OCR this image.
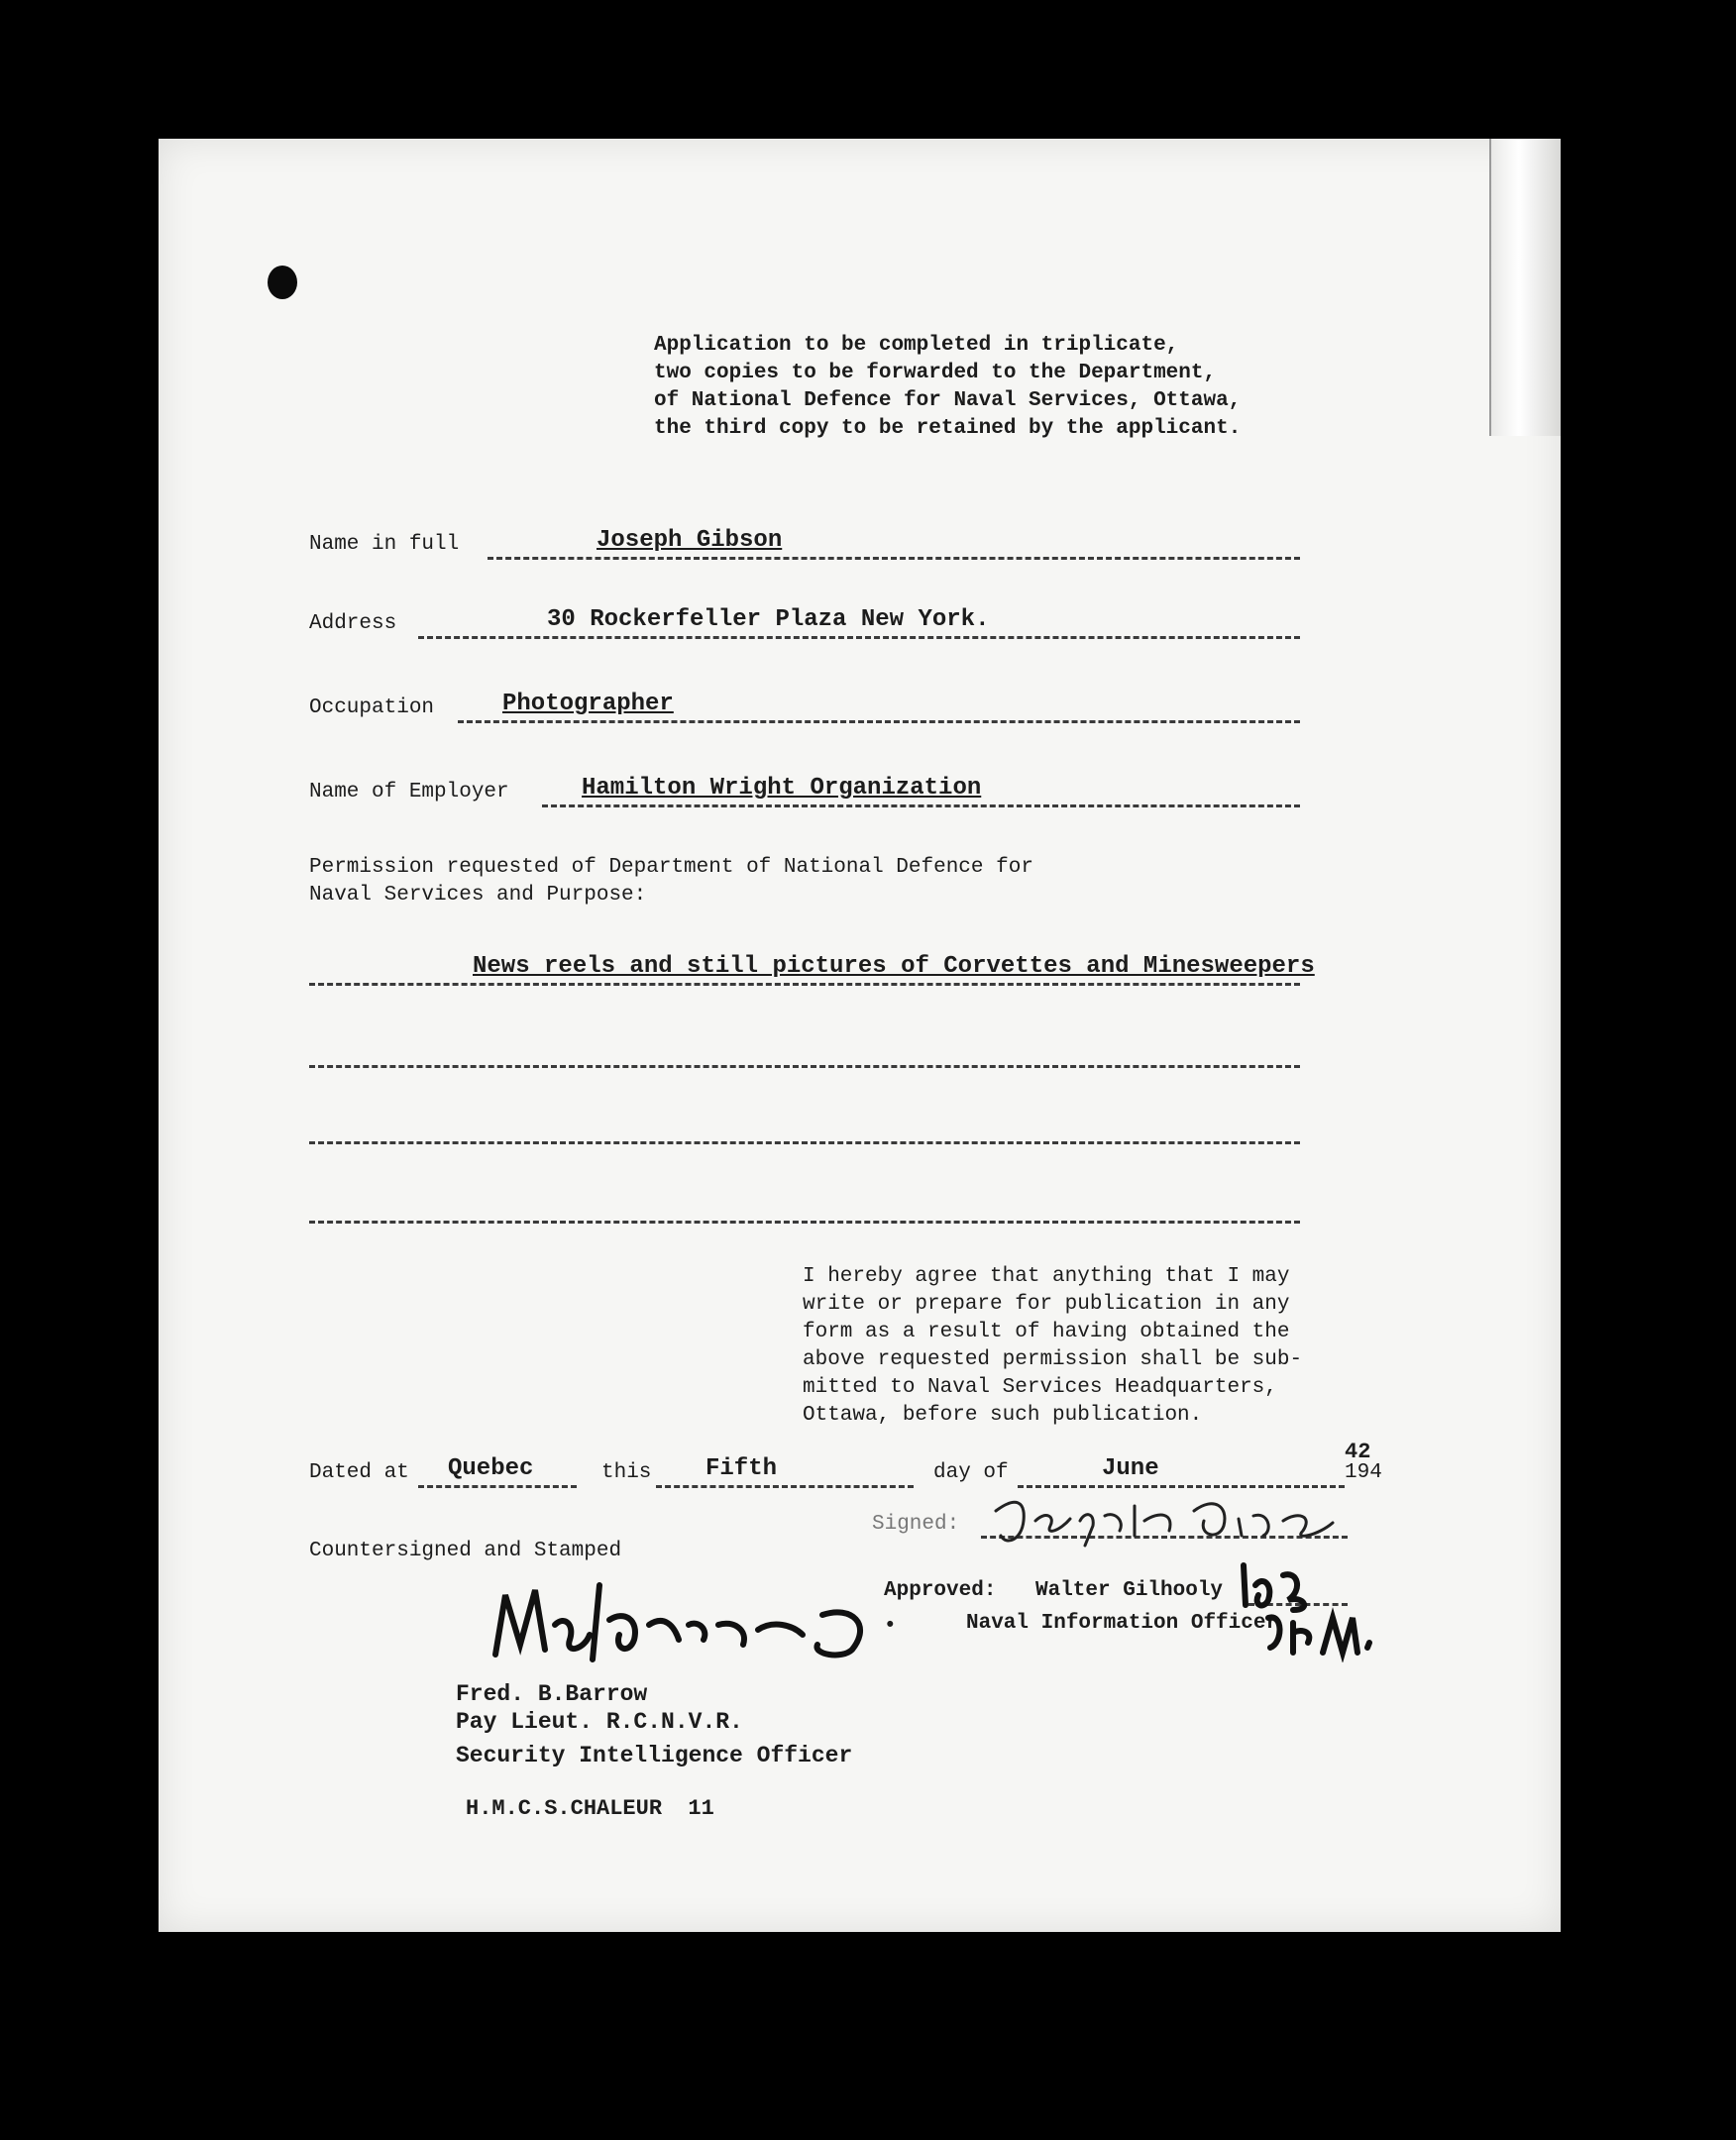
Application to be completed in triplicate,
two copies to be forwarded to the Department,
of National Defence for Naval Services, Ottawa,
the third copy to be retained by the applicant.
Name in full	Joseph Gibson
Address	30 Rockerfeller Plaza New York.
Occupation	Photographer
Name of Employer	Hamilton Wright Organization
Permission requested of Department of National Defence for
Naval Services and Purpose:
News reels and still pictures of Corvettes and Minesweepers
I hereby agree that anything that I may
write or prepare for publication in any
form as a result of having obtained the
above requested permission shall be sub-
mitted to Naval Services Headquarters,
Ottawa, before such publication.
Dated at Quebec	this Fifth	day of	June	194
42
Signed:
Countersigned and Stamped
Approved: Walter Gilhooly
Naval Information Officer
•
Fred. B.Barrow
Pay Lieut. R.C.N.V.R.
Security Intelligence Officer
H.M.C.S.CHALEUR  11
